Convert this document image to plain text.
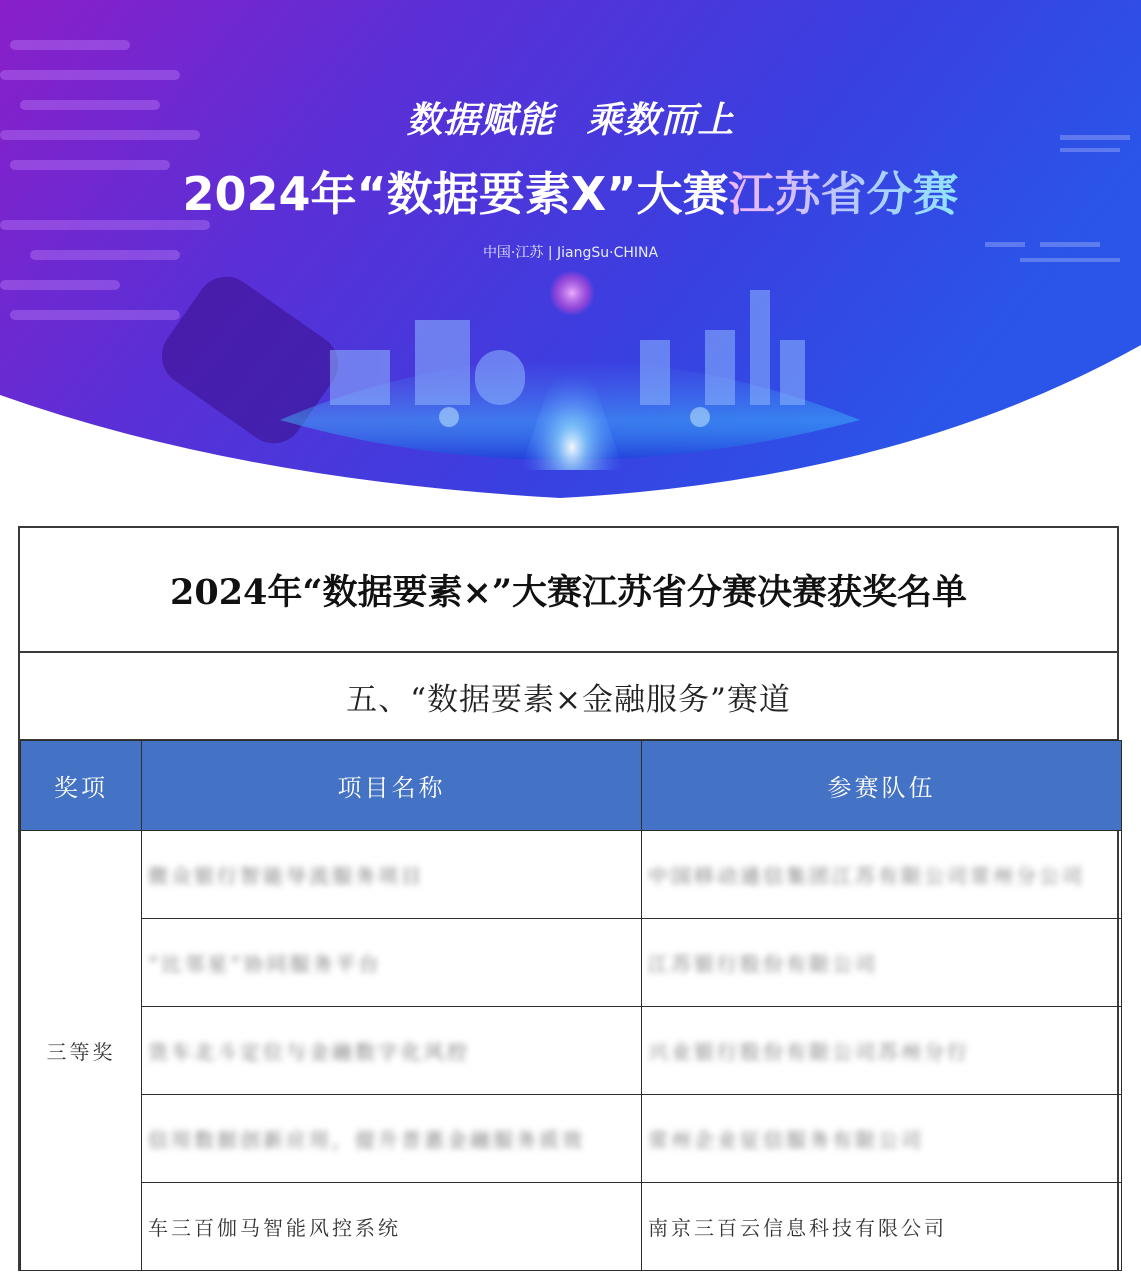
数据赋能 乘数而上
2024年“数据要素X”大赛江苏省分赛
中国·江苏 | JiangSu·CHINA
2024年“数据要素×”大赛江苏省分赛决赛获奖名单
五、“数据要素×金融服务”赛道
奖项	项目名称	参赛队伍
三等奖	微众银行智能导流服务项目	中国移动通信集团江苏有限公司常州分公司
	“比邻星”协同服务平台	江苏银行股份有限公司
	货车北斗定位与金融数字化风控	兴业银行股份有限公司苏州分行
	信用数据创新应用，提升普惠金融服务质效	常州企业征信服务有限公司
	车三百伽马智能风控系统	南京三百云信息科技有限公司
